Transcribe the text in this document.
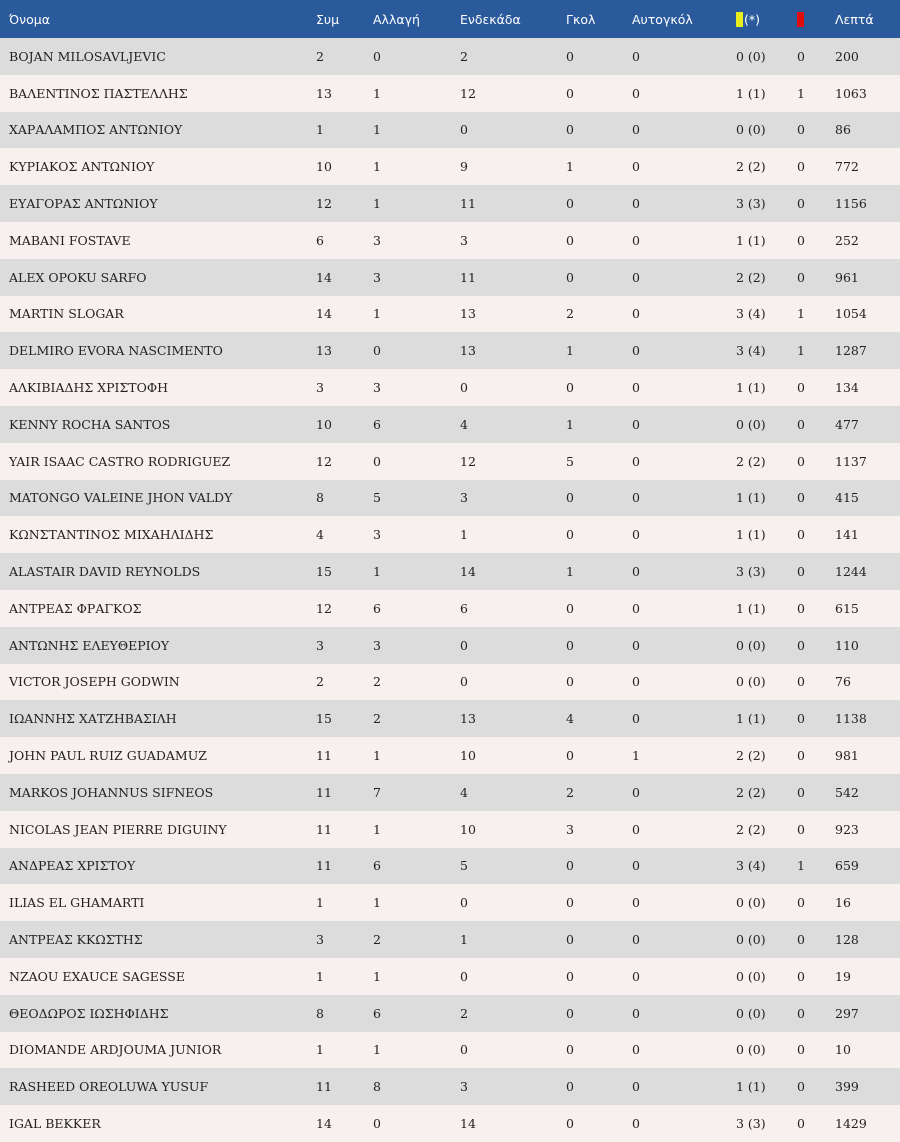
Όνομα	Συμ	Αλλαγή	Ενδεκάδα	Γκολ	Αυτογκόλ	(*)		Λεπτά
BOJAN MILOSAVLJEVIC	2	0	2	0	0	0 (0)	0	200
ΒΑΛΕΝΤΙΝΟΣ ΠΑΣΤΕΛΛΗΣ	13	1	12	0	0	1 (1)	1	1063
ΧΑΡΑΛΑΜΠΟΣ ΑΝΤΩΝΙΟΥ	1	1	0	0	0	0 (0)	0	86
ΚΥΡΙΑΚΟΣ ΑΝΤΩΝΙΟΥ	10	1	9	1	0	2 (2)	0	772
ΕΥΑΓΟΡΑΣ ΑΝΤΩΝΙΟΥ	12	1	11	0	0	3 (3)	0	1156
MABANI FOSTAVE	6	3	3	0	0	1 (1)	0	252
ALEX OPOKU SARFO	14	3	11	0	0	2 (2)	0	961
MARTIN SLOGAR	14	1	13	2	0	3 (4)	1	1054
DELMIRO EVORA NASCIMENTO	13	0	13	1	0	3 (4)	1	1287
ΑΛΚΙΒΙΑΔΗΣ ΧΡΙΣΤΟΦΗ	3	3	0	0	0	1 (1)	0	134
KENNY ROCHA SANTOS	10	6	4	1	0	0 (0)	0	477
YAIR ISAAC CASTRO RODRIGUEZ	12	0	12	5	0	2 (2)	0	1137
MATONGO VALEINE JHON VALDY	8	5	3	0	0	1 (1)	0	415
ΚΩΝΣΤΑΝΤΙΝΟΣ ΜΙΧΑΗΛΙΔΗΣ	4	3	1	0	0	1 (1)	0	141
ALASTAIR DAVID REYNOLDS	15	1	14	1	0	3 (3)	0	1244
ΑΝΤΡΕΑΣ ΦΡΑΓΚΟΣ	12	6	6	0	0	1 (1)	0	615
ΑΝΤΩΝΗΣ ΕΛΕΥΘΕΡΙΟΥ	3	3	0	0	0	0 (0)	0	110
VICTOR JOSEPH GODWIN	2	2	0	0	0	0 (0)	0	76
ΙΩΑΝΝΗΣ ΧΑΤΖΗΒΑΣΙΛΗ	15	2	13	4	0	1 (1)	0	1138
JOHN PAUL RUIZ GUADAMUZ	11	1	10	0	1	2 (2)	0	981
MARKOS JOHANNUS SIFNEOS	11	7	4	2	0	2 (2)	0	542
NICOLAS JEAN PIERRE DIGUINY	11	1	10	3	0	2 (2)	0	923
ΑΝΔΡΕΑΣ ΧΡΙΣΤΟΥ	11	6	5	0	0	3 (4)	1	659
ILIAS EL GHAMARTI	1	1	0	0	0	0 (0)	0	16
ΑΝΤΡΕΑΣ ΚΚΩΣΤΗΣ	3	2	1	0	0	0 (0)	0	128
NZAOU EXAUCE SAGESSE	1	1	0	0	0	0 (0)	0	19
ΘΕΟΔΩΡΟΣ ΙΩΣΗΦΙΔΗΣ	8	6	2	0	0	0 (0)	0	297
DIOMANDE ARDJOUMA JUNIOR	1	1	0	0	0	0 (0)	0	10
RASHEED OREOLUWA YUSUF	11	8	3	0	0	1 (1)	0	399
IGAL BEKKER	14	0	14	0	0	3 (3)	0	1429
